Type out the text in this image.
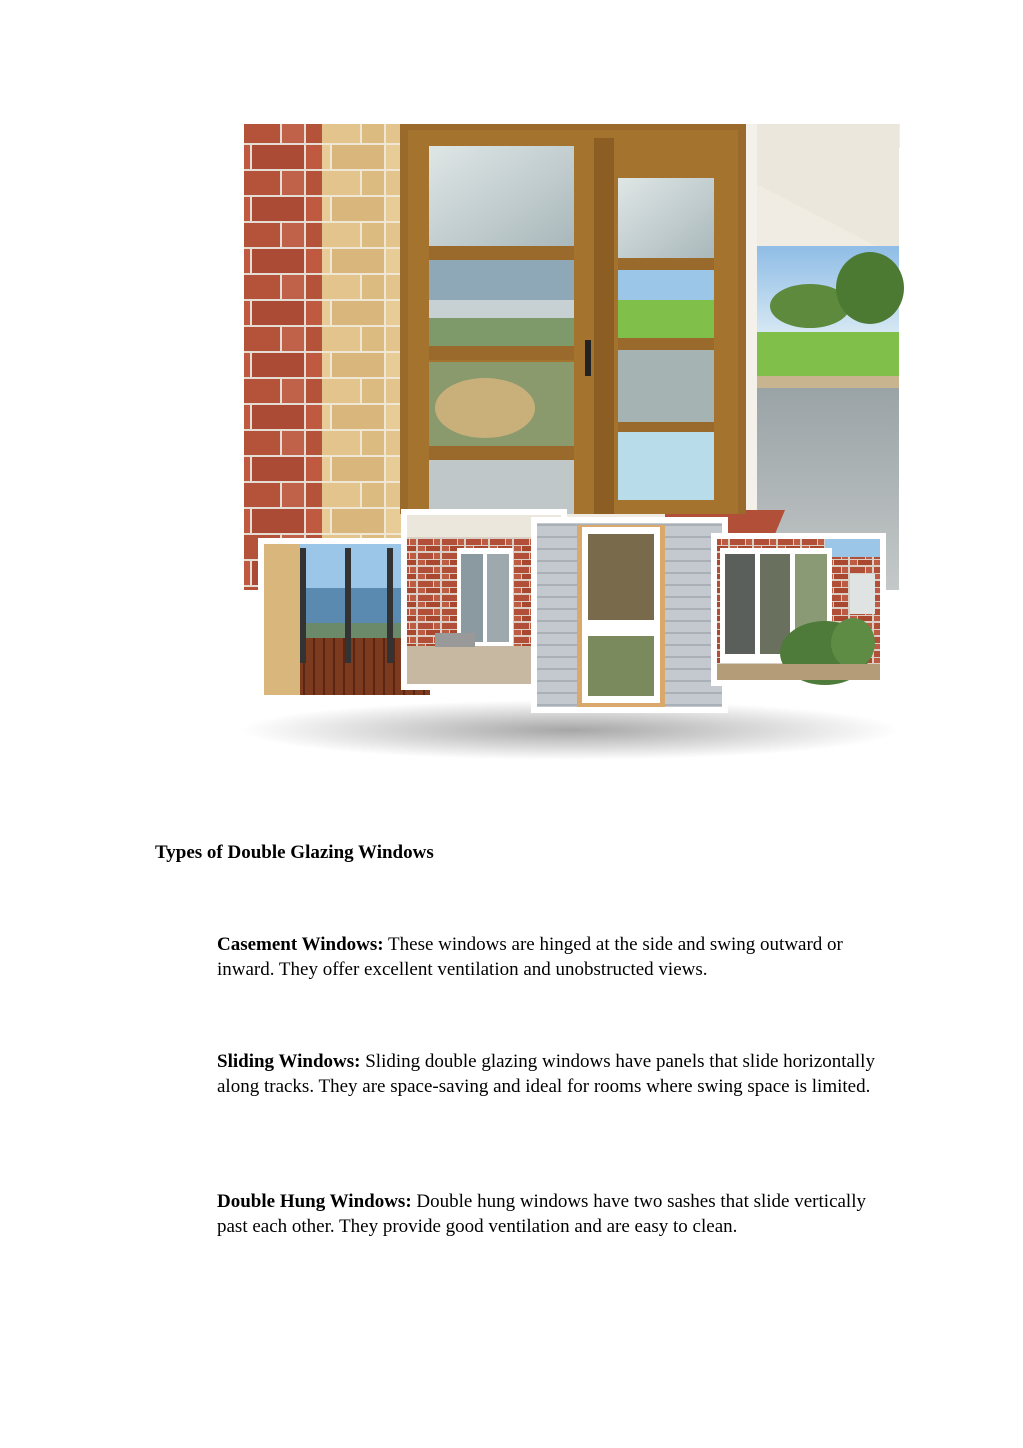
Types of Double Glazing Windows
Casement Windows: These windows are hinged at the side and swing outward or inward. They offer excellent ventilation and unobstructed views.
Sliding Windows: Sliding double glazing windows have panels that slide horizontally along tracks. They are space-saving and ideal for rooms where swing space is limited.
Double Hung Windows: Double hung windows have two sashes that slide vertically past each other. They provide good ventilation and are easy to clean.
